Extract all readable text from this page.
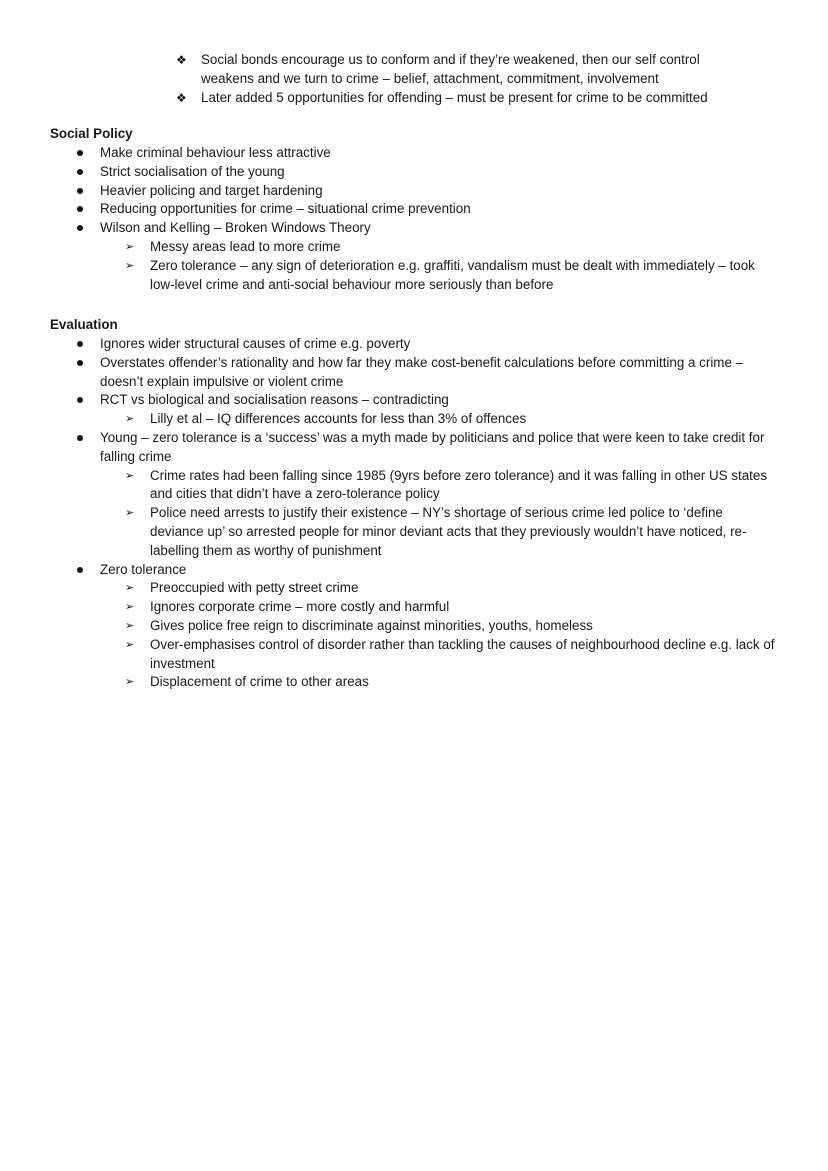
❖ Social bonds encourage us to conform and if they’re weakened, then our self control weakens and we turn to crime – belief, attachment, commitment, involvement
❖ Later added 5 opportunities for offending – must be present for crime to be committed
Social Policy
Make criminal behaviour less attractive
Strict socialisation of the young
Heavier policing and target hardening
Reducing opportunities for crime – situational crime prevention
Wilson and Kelling – Broken Windows Theory
➢ Messy areas lead to more crime
➢ Zero tolerance – any sign of deterioration e.g. graffiti, vandalism must be dealt with immediately – took low-level crime and anti-social behaviour more seriously than before
Evaluation
Ignores wider structural causes of crime e.g. poverty
Overstates offender’s rationality and how far they make cost-benefit calculations before committing a crime – doesn’t explain impulsive or violent crime
RCT vs biological and socialisation reasons – contradicting
➢ Lilly et al – IQ differences accounts for less than 3% of offences
Young – zero tolerance is a ‘success’ was a myth made by politicians and police that were keen to take credit for falling crime
➢ Crime rates had been falling since 1985 (9yrs before zero tolerance) and it was falling in other US states and cities that didn’t have a zero-tolerance policy
➢ Police need arrests to justify their existence – NY’s shortage of serious crime led police to ‘define deviance up’ so arrested people for minor deviant acts that they previously wouldn’t have noticed, re-labelling them as worthy of punishment
Zero tolerance
➢ Preoccupied with petty street crime
➢ Ignores corporate crime – more costly and harmful
➢ Gives police free reign to discriminate against minorities, youths, homeless
➢ Over-emphasises control of disorder rather than tackling the causes of neighbourhood decline e.g. lack of investment
➢ Displacement of crime to other areas
